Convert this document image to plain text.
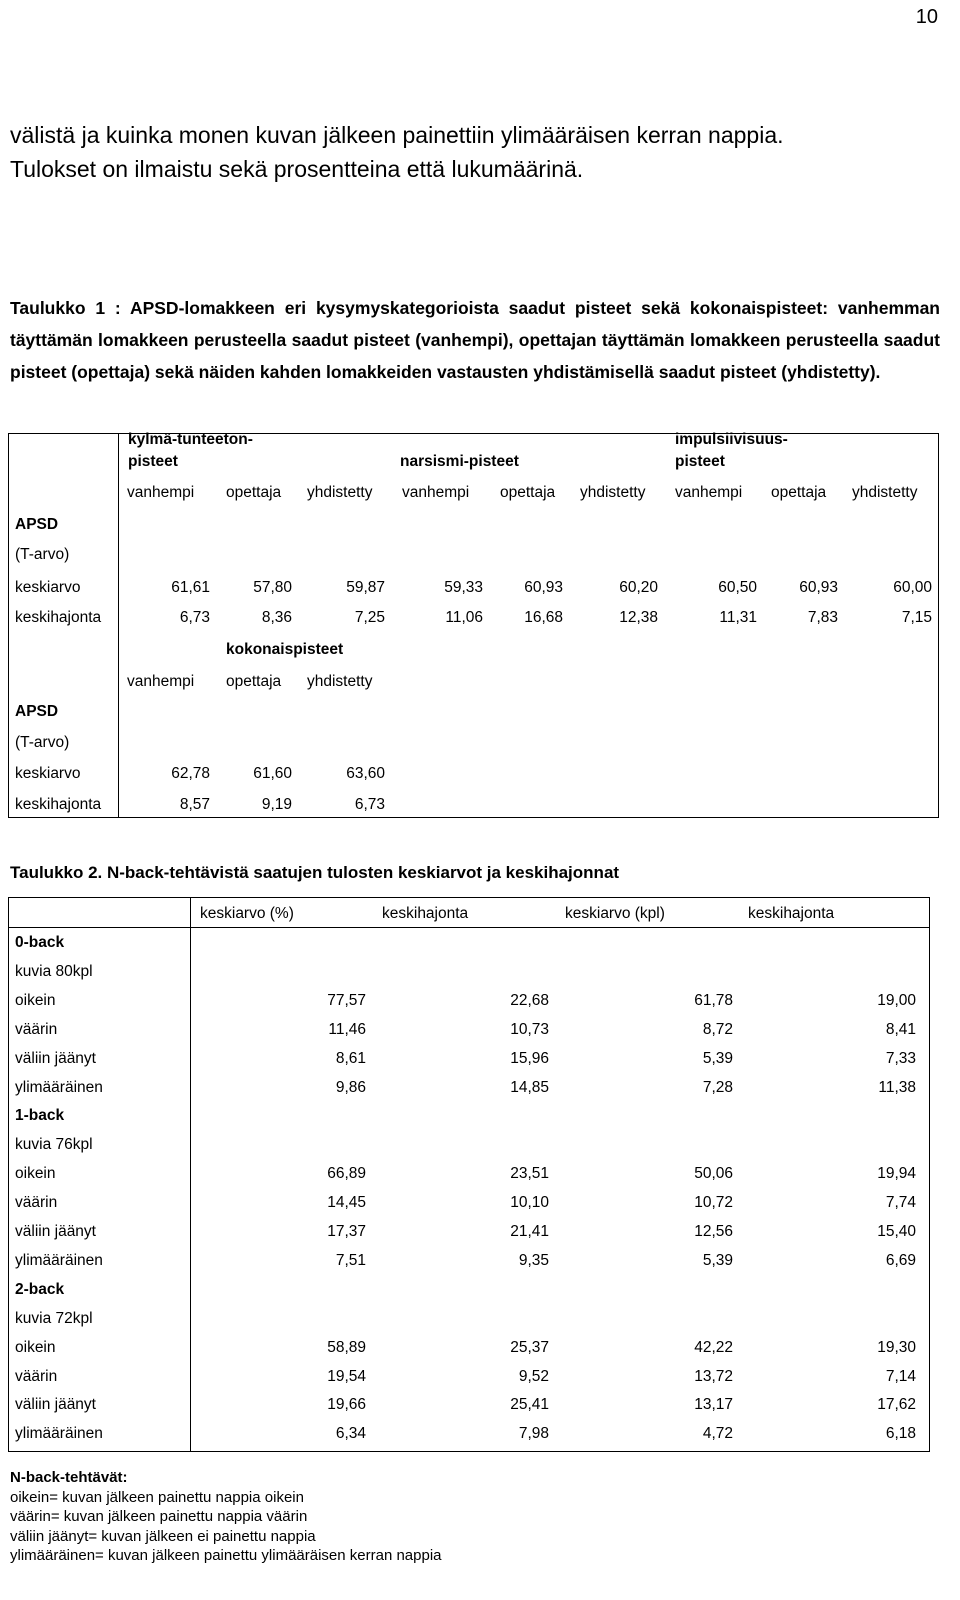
10
välistä ja kuinka monen kuvan jälkeen painettiin ylimääräisen kerran nappia.
Tulokset on ilmaistu sekä prosentteina että lukumäärinä.
Taulukko 1 : APSD-lomakkeen eri kysymyskategorioista saadut pisteet sekä kokonaispisteet: vanhemman täyttämän lomakkeen perusteella saadut pisteet (vanhempi), opettajan täyttämän lomakkeen perusteella saadut pisteet (opettaja) sekä näiden kahden lomakkeiden vastausten yhdistämisellä saadut pisteet (yhdistetty).
kylmä-tunteeton-
pisteet	narsismi-pisteet
impulsiivisuus-
pisteet
vanhempi opettaja yhdistetty vanhempi opettaja yhdistetty vanhempi opettaja yhdistetty
APSD
(T-arvo)
keskiarvo	61,61	57,80	59,87	59,33	60,93	60,20	60,50	60,93	60,00
keskihajonta	6,73	8,36	7,25	11,06	16,68	12,38	11,31	7,83	7,15
kokonaispisteet
vanhempi opettaja yhdistetty
APSD
(T-arvo)
keskiarvo	62,78	61,60	63,60
keskihajonta	8,57	9,19	6,73
Taulukko 2. N-back-tehtävistä saatujen tulosten keskiarvot ja keskihajonnat
keskiarvo (%)	keskihajonta	keskiarvo (kpl)	keskihajonta
0-back
kuvia 80kpl
oikein	77,57	22,68	61,78	19,00
väärin	11,46	10,73	8,72	8,41
väliin jäänyt	8,61	15,96	5,39	7,33
ylimääräinen	9,86	14,85	7,28	11,38
1-back
kuvia 76kpl
oikein	66,89	23,51	50,06	19,94
väärin	14,45	10,10	10,72	7,74
väliin jäänyt	17,37	21,41	12,56	15,40
ylimääräinen	7,51	9,35	5,39	6,69
2-back
kuvia 72kpl
oikein	58,89	25,37	42,22	19,30
väärin	19,54	9,52	13,72	7,14
väliin jäänyt	19,66	25,41	13,17	17,62
ylimääräinen	6,34	7,98	4,72	6,18
N-back-tehtävät:
oikein= kuvan jälkeen painettu nappia oikein
väärin= kuvan jälkeen painettu nappia väärin
väliin jäänyt= kuvan jälkeen ei painettu nappia
ylimääräinen= kuvan jälkeen painettu ylimääräisen kerran nappia
